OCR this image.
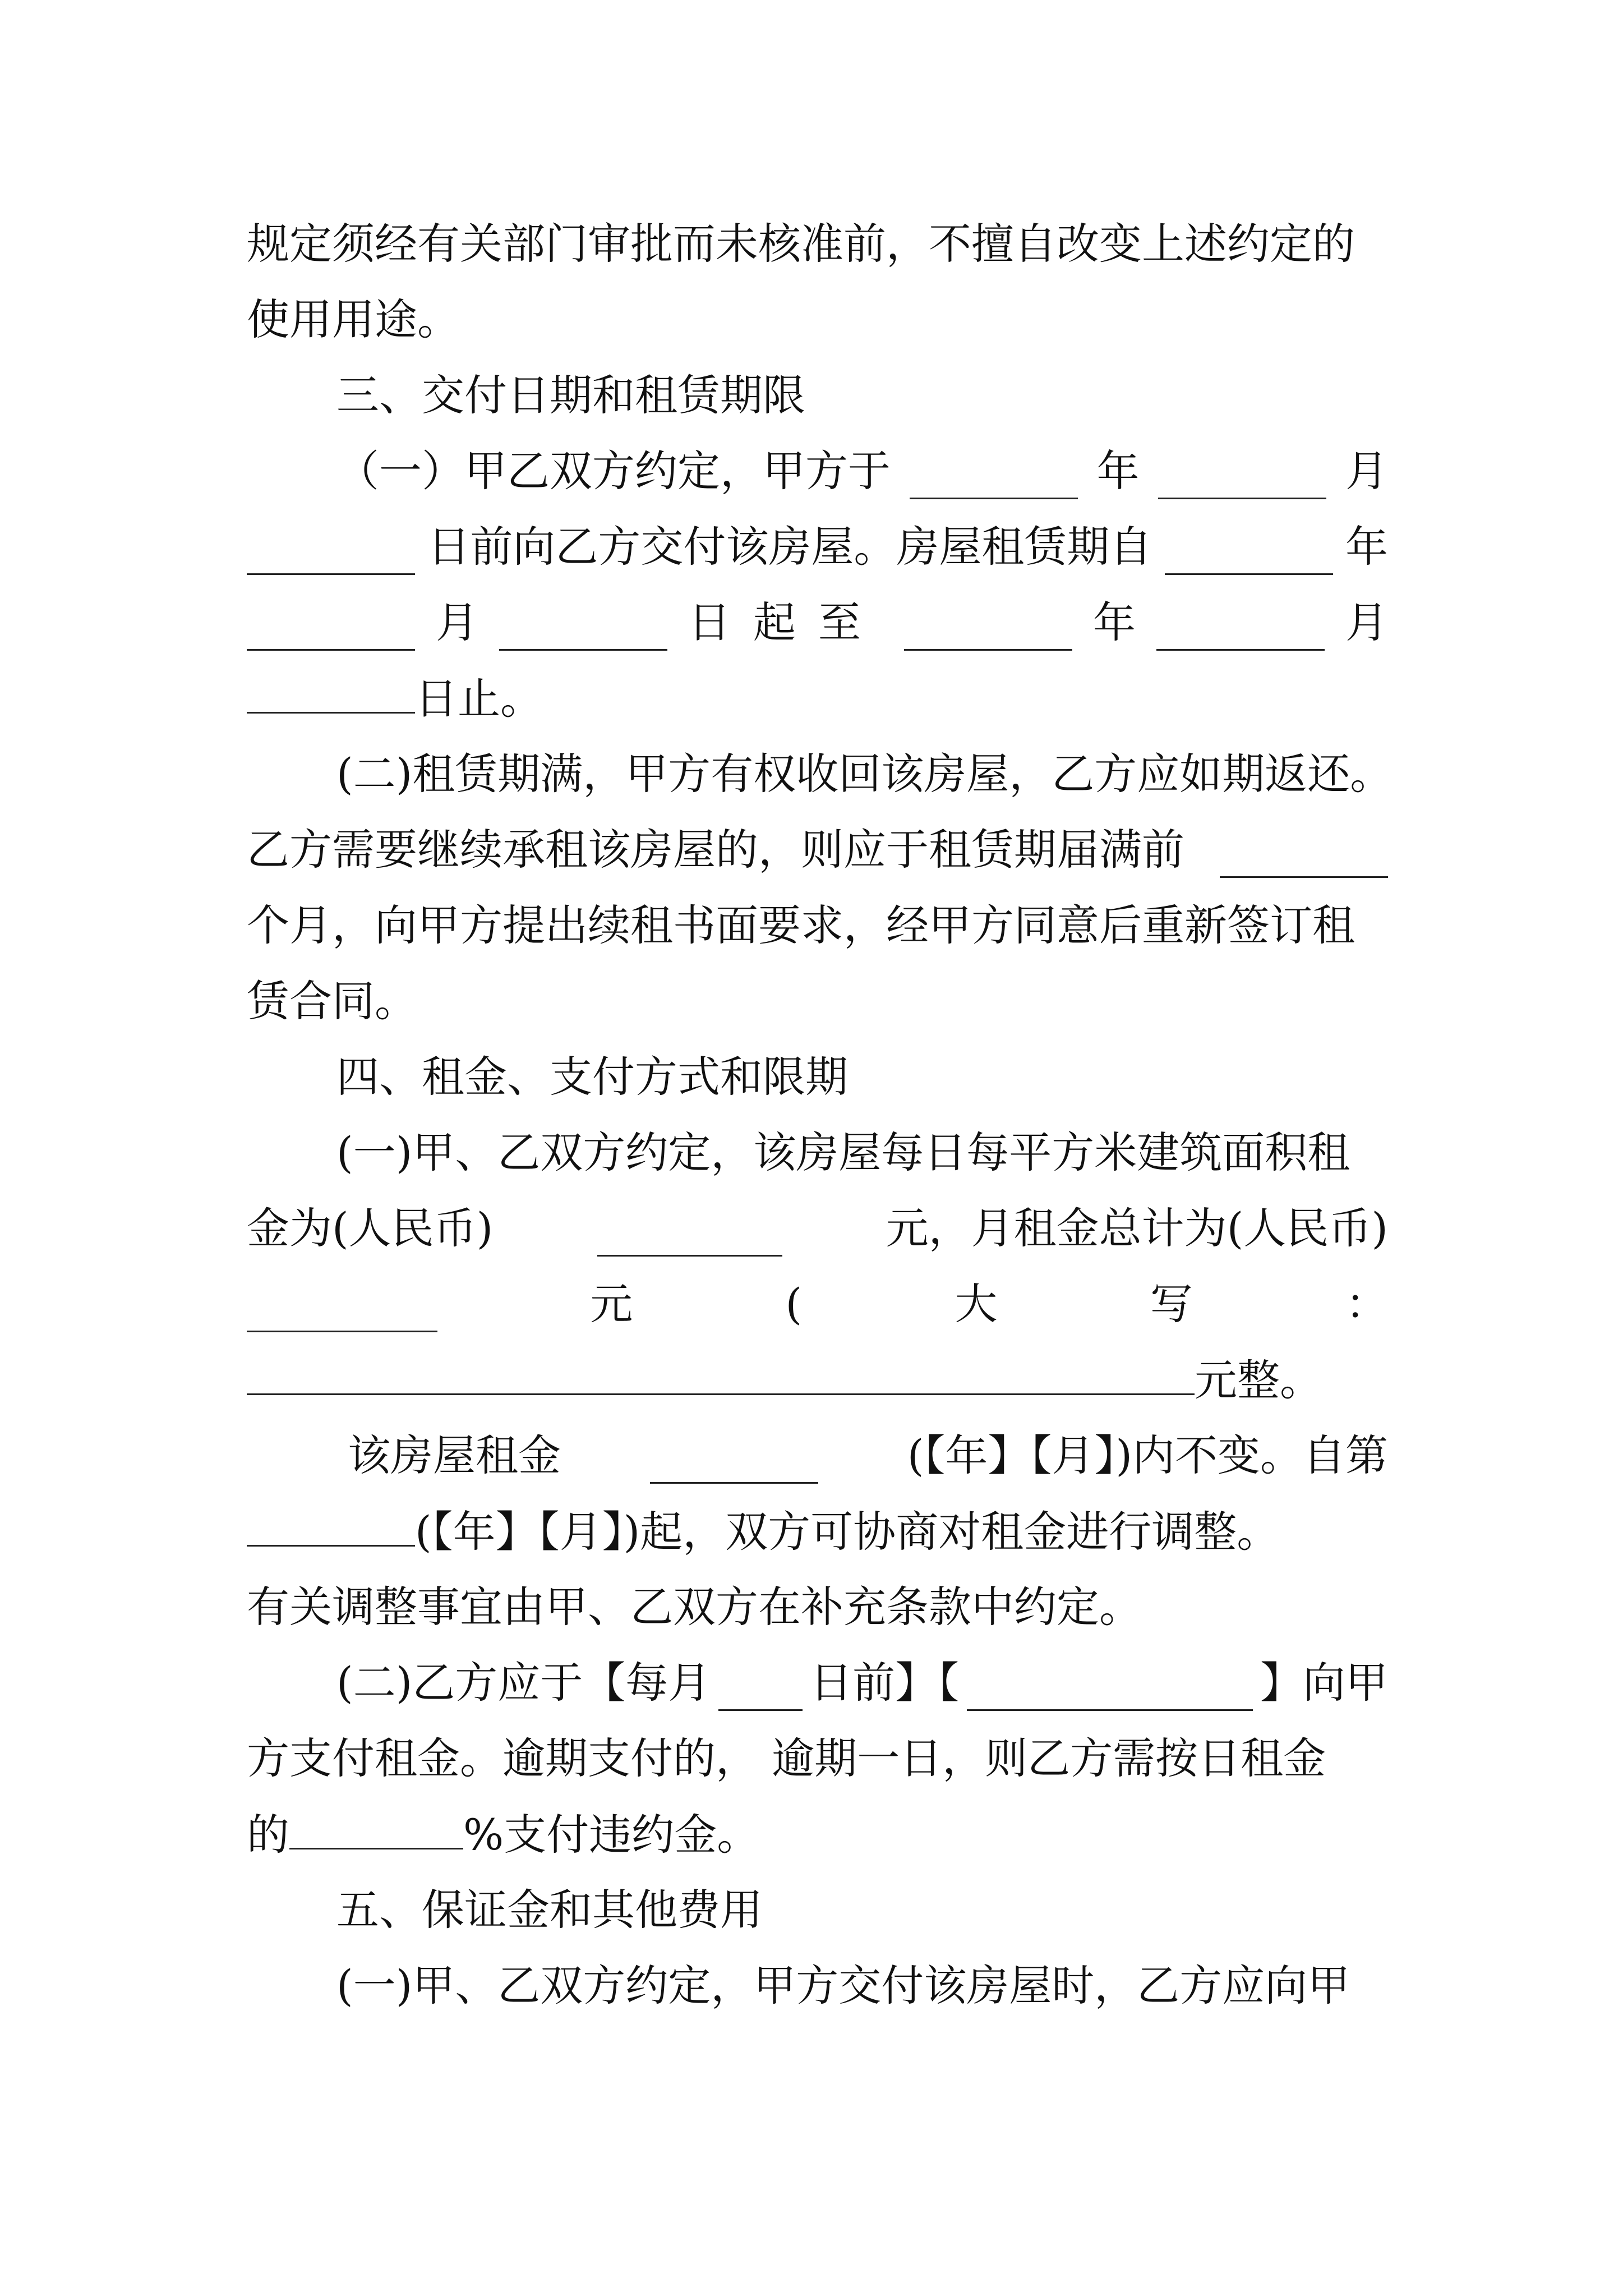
规定须经有关部门审批而未核准前，不擅自改变上述约定的
使用用途。
三、交付日期和租赁期限
（一）甲乙双方约定，甲方于	年	月
日前向乙方交付该房屋。房屋租赁期自	年
月	日起至	年	月
日止。
(二)租赁期满，甲方有权收回该房屋，乙方应如期返还。
乙方需要继续承租该房屋的，则应于租赁期届满前
个月，向甲方提出续租书面要求，经甲方同意后重新签订租
赁合同。
四、租金、支付方式和限期
(一)甲、乙双方约定，该房屋每日每平方米建筑面积租
金为(人民币)	元，月租金总计为(人民币)
元	(	大	写	：
元整。
该房屋租金	(【年】【月】)内不变。自第
(【年】【月】)起，双方可协商对租金进行调整。
有关调整事宜由甲、乙双方在补充条款中约定。
(二)乙方应于【每月 日前】【	】向甲
方支付租金。逾期支付的， 逾期一日，则乙方需按日租金
的	%支付违约金。
五、保证金和其他费用
(一)甲、乙双方约定，甲方交付该房屋时，乙方应向甲
